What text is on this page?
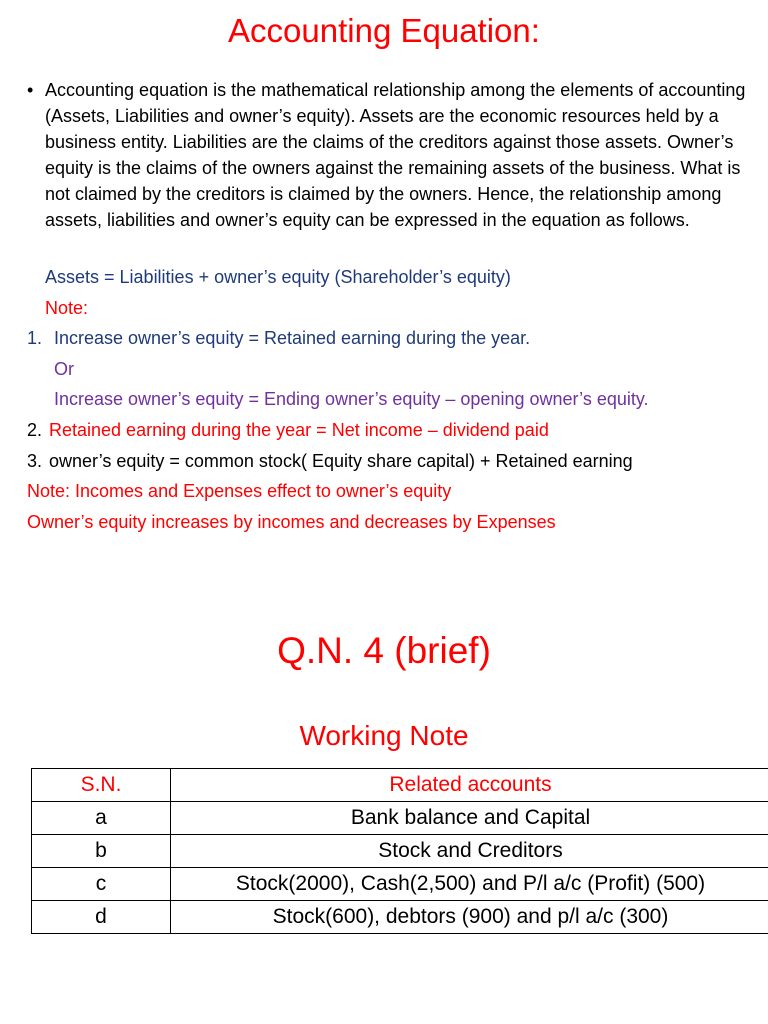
Accounting Equation:
• Accounting equation is the mathematical relationship among the elements of accounting (Assets, Liabilities and owner’s equity). Assets are the economic resources held by a business entity. Liabilities are the claims of the creditors against those assets. Owner’s equity is the claims of the owners against the remaining assets of the business. What is not claimed by the creditors is claimed by the owners. Hence, the relationship among assets, liabilities and owner’s equity can be expressed in the equation as follows.

Assets = Liabilities + owner’s equity (Shareholder’s equity)
Note:
1. Increase owner’s equity = Retained earning during the year.
Or
Increase owner’s equity = Ending owner’s equity – opening owner’s equity.
2. Retained earning during the year = Net income – dividend paid
3. owner’s equity = common stock( Equity share capital) + Retained earning
Note: Incomes and Expenses effect to owner’s equity
Owner’s equity increases by incomes and decreases by Expenses
Q.N. 4 (brief)
Working Note
S.N.	Related accounts
a	Bank balance and Capital
b	Stock and Creditors
c	Stock(2000), Cash(2,500) and P/l a/c (Profit) (500)
d	Stock(600), debtors (900) and p/l a/c (300)
